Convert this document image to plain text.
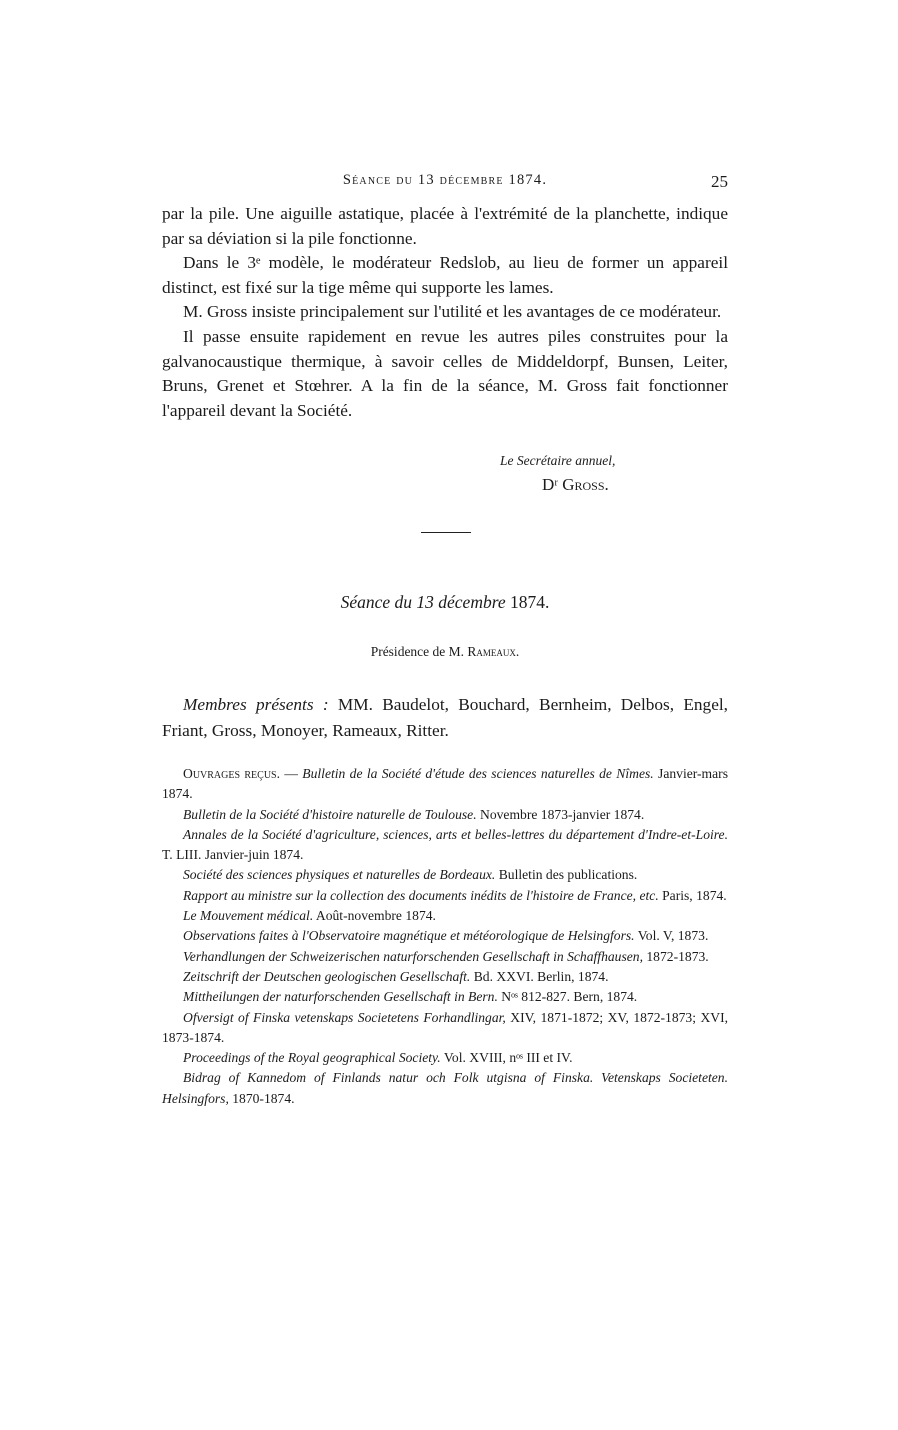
Séance du 13 décembre 1874.	25

par la pile. Une aiguille astatique, placée à l'extrémité de la planchette, indique par sa déviation si la pile fonctionne.

Dans le 3ᵉ modèle, le modérateur Redslob, au lieu de former un appareil distinct, est fixé sur la tige même qui supporte les lames.

M. Gross insiste principalement sur l'utilité et les avantages de ce modérateur.

Il passe ensuite rapidement en revue les autres piles construites pour la galvanocaustique thermique, à savoir celles de Middeldorpf, Bunsen, Leiter, Bruns, Grenet et Stœhrer. A la fin de la séance, M. Gross fait fonctionner l'appareil devant la Société.

Le Secrétaire annuel,
Dʳ Gross.
Séance du 13 décembre 1874.
Présidence de M. Rameaux.

Membres présents : MM. Baudelot, Bouchard, Bernheim, Delbos, Engel, Friant, Gross, Monoyer, Rameaux, Ritter.

Ouvrages reçus. — Bulletin de la Société d'étude des sciences naturelles de Nîmes. Janvier-mars 1874.

Bulletin de la Société d'histoire naturelle de Toulouse. Novembre 1873-janvier 1874.

Annales de la Société d'agriculture, sciences, arts et belles-lettres du département d'Indre-et-Loire. T. LIII. Janvier-juin 1874.

Société des sciences physiques et naturelles de Bordeaux. Bulletin des publications.

Rapport au ministre sur la collection des documents inédits de l'histoire de France, etc. Paris, 1874.

Le Mouvement médical. Août-novembre 1874.

Observations faites à l'Observatoire magnétique et météorologique de Helsingfors. Vol. V, 1873.

Verhandlungen der Schweizerischen naturforschenden Gesellschaft in Schaffhausen, 1872-1873.

Zeitschrift der Deutschen geologischen Gesellschaft. Bd. XXVI. Berlin, 1874.

Mittheilungen der naturforschenden Gesellschaft in Bern. Nᵒˢ 812-827. Bern, 1874.

Ofversigt of Finska vetenskaps Societetens Forhandlingar, XIV, 1871-1872; XV, 1872-1873; XVI, 1873-1874.

Proceedings of the Royal geographical Society. Vol. XVIII, nᵒˢ III et IV.

Bidrag of Kannedom of Finlands natur och Folk utgisna of Finska. Vetenskaps Societeten. Helsingfors, 1870-1874.
